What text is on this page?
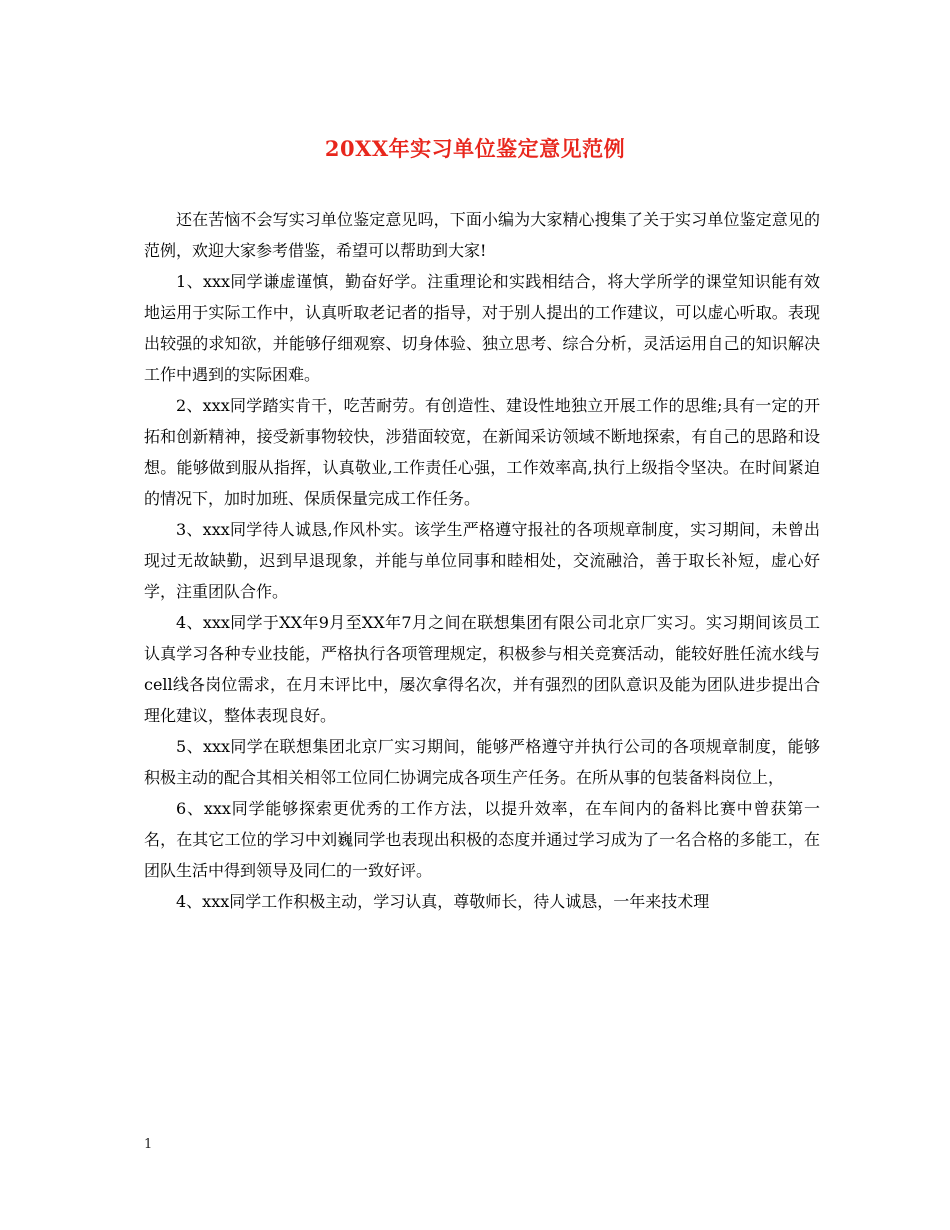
20XX年实习单位鉴定意见范例

还在苦恼不会写实习单位鉴定意见吗，下面小编为大家精心搜集了关于实习单位鉴定意见的范例，欢迎大家参考借鉴，希望可以帮助到大家!

1、xxx同学谦虚谨慎，勤奋好学。注重理论和实践相结合，将大学所学的课堂知识能有效地运用于实际工作中，认真听取老记者的指导，对于别人提出的工作建议，可以虚心听取。表现出较强的求知欲，并能够仔细观察、切身体验、独立思考、综合分析，灵活运用自己的知识解决工作中遇到的实际困难。

2、xxx同学踏实肯干，吃苦耐劳。有创造性、建设性地独立开展工作的思维;具有一定的开拓和创新精神，接受新事物较快，涉猎面较宽，在新闻采访领域不断地探索，有自己的思路和设想。能够做到服从指挥，认真敬业,工作责任心强，工作效率高,执行上级指令坚决。在时间紧迫的情况下，加时加班、保质保量完成工作任务。

3、xxx同学待人诚恳,作风朴实。该学生严格遵守报社的各项规章制度，实习期间，未曾出现过无故缺勤，迟到早退现象，并能与单位同事和睦相处，交流融洽，善于取长补短，虚心好学，注重团队合作。

4、xxx同学于XX年9月至XX年7月之间在联想集团有限公司北京厂实习。实习期间该员工认真学习各种专业技能，严格执行各项管理规定，积极参与相关竞赛活动，能较好胜任流水线与cell线各岗位需求，在月末评比中，屡次拿得名次，并有强烈的团队意识及能为团队进步提出合理化建议，整体表现良好。

5、xxx同学在联想集团北京厂实习期间，能够严格遵守并执行公司的各项规章制度，能够积极主动的配合其相关相邻工位同仁协调完成各项生产任务。在所从事的包装备料岗位上，

6、xxx同学能够探索更优秀的工作方法，以提升效率，在车间内的备料比赛中曾获第一名，在其它工位的学习中刘巍同学也表现出积极的态度并通过学习成为了一名合格的多能工，在团队生活中得到领导及同仁的一致好评。

4、xxx同学工作积极主动，学习认真，尊敬师长，待人诚恳，一年来技术理

1
